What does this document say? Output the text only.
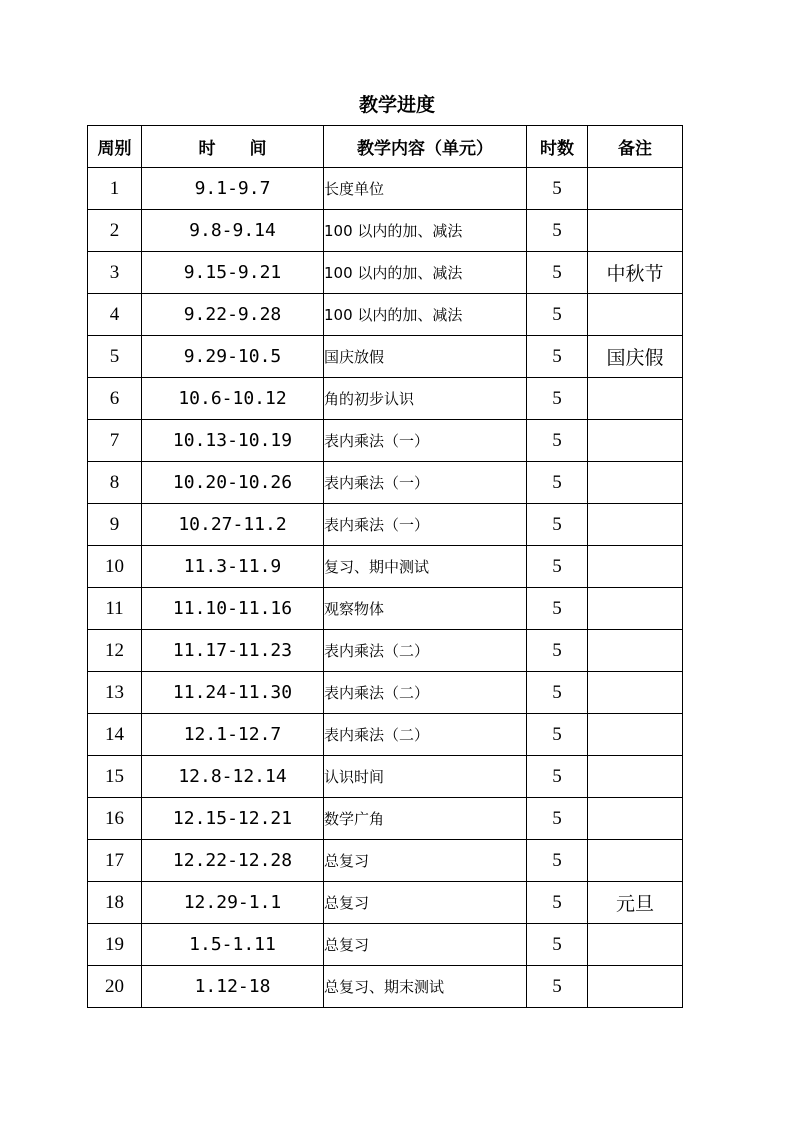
教学进度
周别	时　　间	教学内容（单元）	时数	备注
1	9.1-9.7	长度单位	5	
2	9.8-9.14	100 以内的加、减法	5	
3	9.15-9.21	100 以内的加、减法	5	中秋节
4	9.22-9.28	100 以内的加、减法	5	
5	9.29-10.5	国庆放假	5	国庆假
6	10.6-10.12	角的初步认识	5	
7	10.13-10.19	表内乘法（一）	5	
8	10.20-10.26	表内乘法（一）	5	
9	10.27-11.2	表内乘法（一）	5	
10	11.3-11.9	复习、期中测试	5	
11	11.10-11.16	观察物体	5	
12	11.17-11.23	表内乘法（二）	5	
13	11.24-11.30	表内乘法（二）	5	
14	12.1-12.7	表内乘法（二）	5	
15	12.8-12.14	认识时间	5	
16	12.15-12.21	数学广角	5	
17	12.22-12.28	总复习	5	
18	12.29-1.1	总复习	5	元旦
19	1.5-1.11	总复习	5	
20	1.12-18	总复习、期末测试	5	
